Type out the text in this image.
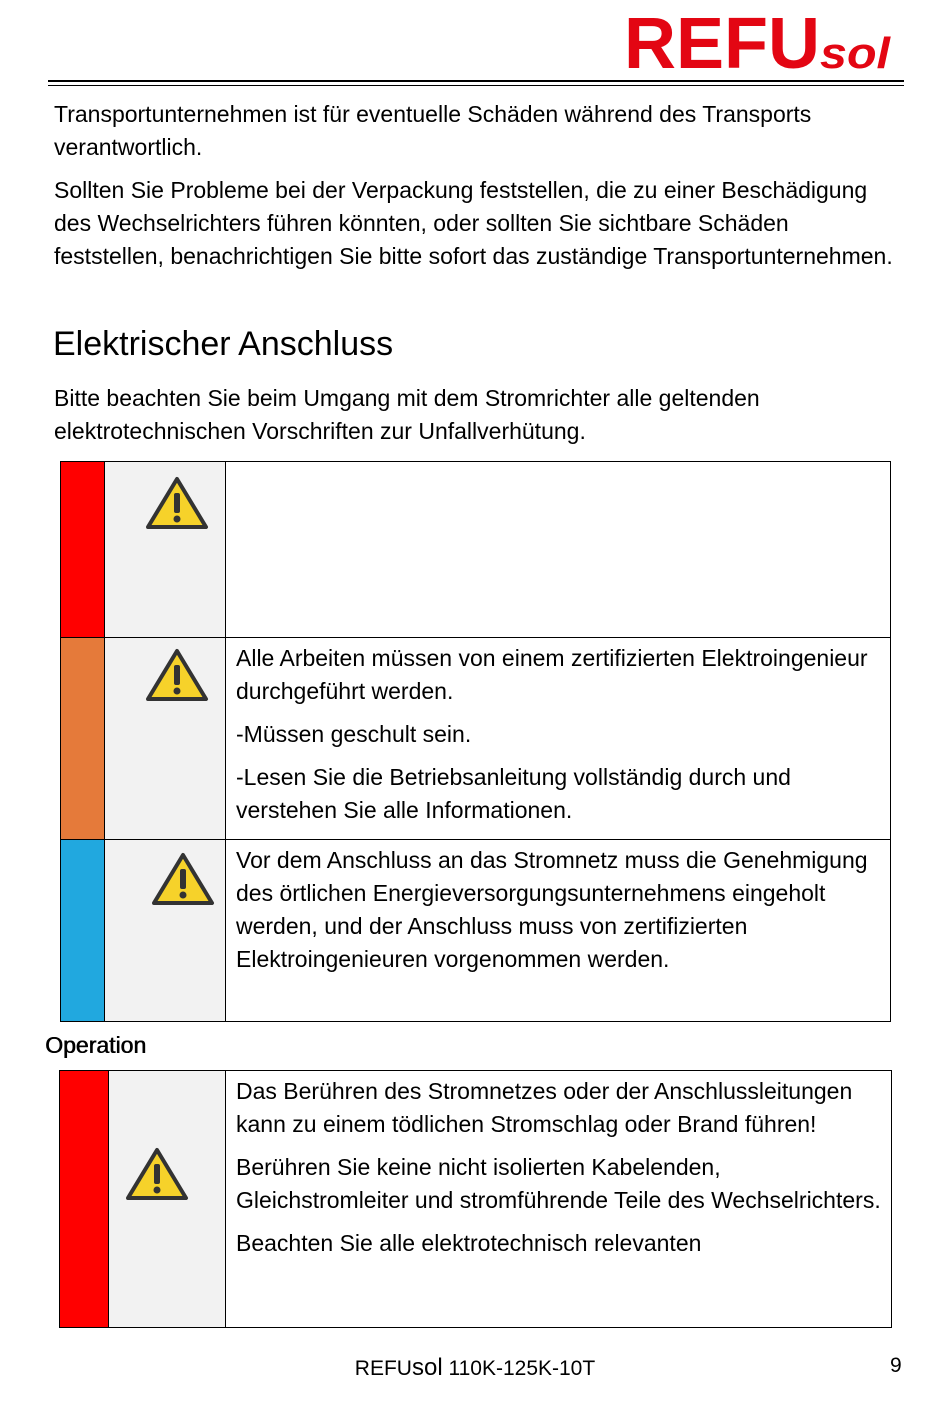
REFU sol

Transportunternehmen ist für eventuelle Schäden während des Transports verantwortlich.

Sollten Sie Probleme bei der Verpackung feststellen, die zu einer Beschädigung des Wechselrichters führen könnten, oder sollten Sie sichtbare Schäden feststellen, benachrichtigen Sie bitte sofort das zuständige Transportunternehmen.

Elektrischer Anschluss

Bitte beachten Sie beim Umgang mit dem Stromrichter alle geltenden elektrotechnischen Vorschriften zur Unfallverhütung.

Alle Arbeiten müssen von einem zertifizierten Elektroingenieur durchgeführt werden.

-Müssen geschult sein.

-Lesen Sie die Betriebsanleitung vollständig durch und verstehen Sie alle Informationen.

Vor dem Anschluss an das Stromnetz muss die Genehmigung des örtlichen Energieversorgungsunternehmens eingeholt werden, und der Anschluss muss von zertifizierten Elektroingenieuren vorgenommen werden.

Operation

Das Berühren des Stromnetzes oder der Anschlussleitungen kann zu einem tödlichen Stromschlag oder Brand führen!

Berühren Sie keine nicht isolierten Kabelenden, Gleichstromleiter und stromführende Teile des Wechselrichters.

Beachten Sie alle elektrotechnisch relevanten

REFUsol 110K-125K-10T	9
